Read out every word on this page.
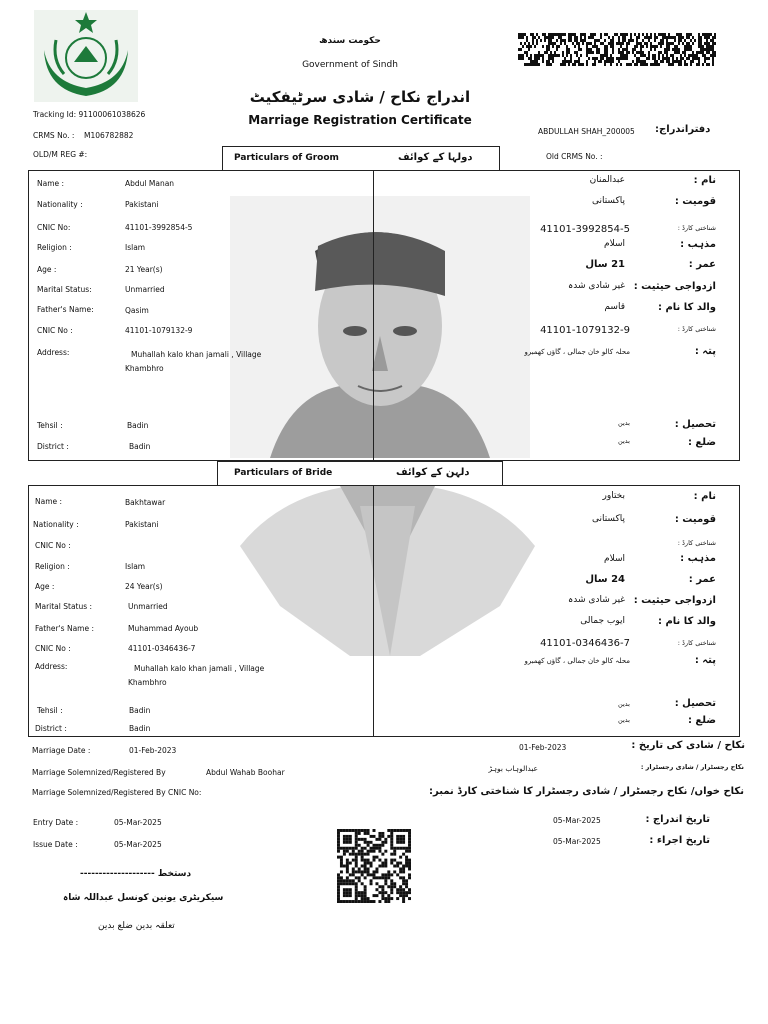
حکومت سندھ
Government of Sindh
اندراج نکاح / شادی سرٹیفکیٹ
Marriage Registration Certificate
Tracking Id: 91100061038626
CRMS No. : M106782882
OLD/M REG #:
ABDULLAH SHAH_200005 دفتراندراج:
Old CRMS No. :
Particulars of Groom	دولہا کے کوائف
Name :	Abdul Manan
Nationality :	Pakistani
CNIC No:	41101-3992854-5
Religion :	Islam
Age :	21 Year(s)
Marital Status:	Unmarried
Father's Name:	Qasim
CNIC No :	41101-1079132-9
Address:	Muhallah kalo khan jamali , Village Khambhro
Tehsil :	Badin
District :	Badin
نام :
عبدالمنان
قومیت :
پاکستانی
شناختی کارڈ :
41101-3992854-5
مذہب :
اسلام
عمر :
21 سال
ازدواجی حیثیت :
غیر شادی شدہ
والد کا نام :
قاسم
شناختی کارڈ :
41101-1079132-9
پتہ :
محلہ کالو خان جمالی ، گاؤں کھمبرو
تحصیل :
بدین
ضلع :
بدین
Particulars of Bride	دلہن کے کوائف
Name :	Bakhtawar
Nationality :	Pakistani
CNIC No :
Religion :	Islam
Age :	24 Year(s)
Marital Status :	Unmarried
Father's Name :	Muhammad Ayoub
CNIC No :	41101-0346436-7
Address:	Muhallah kalo khan jamali , Village Khambhro
Tehsil :	Badin
District :	Badin
نام :
بختاور
قومیت :
پاکستانی
شناختی کارڈ :
مذہب :
اسلام
عمر :
24 سال
ازدواجی حیثیت :
غیر شادی شدہ
والد کا نام :
ایوب جمالی
شناختی کارڈ :
41101-0346436-7
پتہ :
محلہ کالو خان جمالی ، گاؤں کھمبرو
تحصیل :
بدین
ضلع :
بدین
Marriage Date :	01-Feb-2023	01-Feb-2023	نکاح / شادی کی تاریخ :
Marriage Solemnized/Registered By	Abdul Wahab Boohar	عبدالوہاب بوہڑ	نکاح رجسٹرار / شادی رجسٹرار :
Marriage Solemnized/Registered By CNIC No:	نکاح خواں/ نکاح رجسٹرار / شادی رجسٹرار کا شناختی کارڈ نمبر:
Entry Date :	05-Mar-2025
Issue Date :	05-Mar-2025
05-Mar-2025	تاریخ اندراج :
05-Mar-2025	تاریخ اجراء :
دستخط --------------------
سیکریٹری یونین کونسل عبداللہ شاہ
تعلقہ بدین ضلع بدین
